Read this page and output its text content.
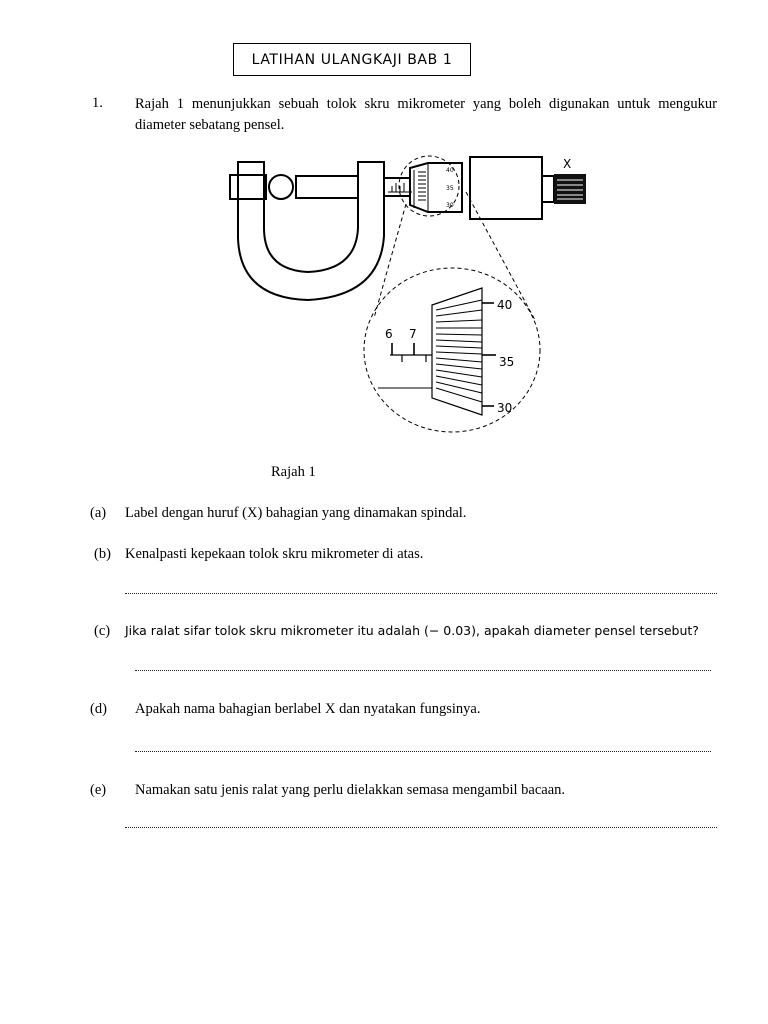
LATIHAN ULANGKAJI BAB 1
1. Rajah 1 menunjukkan sebuah tolok skru mikrometer yang boleh digunakan untuk mengukur diameter sebatang pensel.
40
35
30
X
6 7
40
35
30
Rajah 1
(a) Label dengan huruf (X) bahagian yang dinamakan spindal.
(b) Kenalpasti kepekaan tolok skru mikrometer di atas.
(c) Jika ralat sifar tolok skru mikrometer itu adalah (− 0.03), apakah diameter pensel tersebut?
(d) Apakah nama bahagian berlabel X dan nyatakan fungsinya.
(e) Namakan satu jenis ralat yang perlu dielakkan semasa mengambil bacaan.
